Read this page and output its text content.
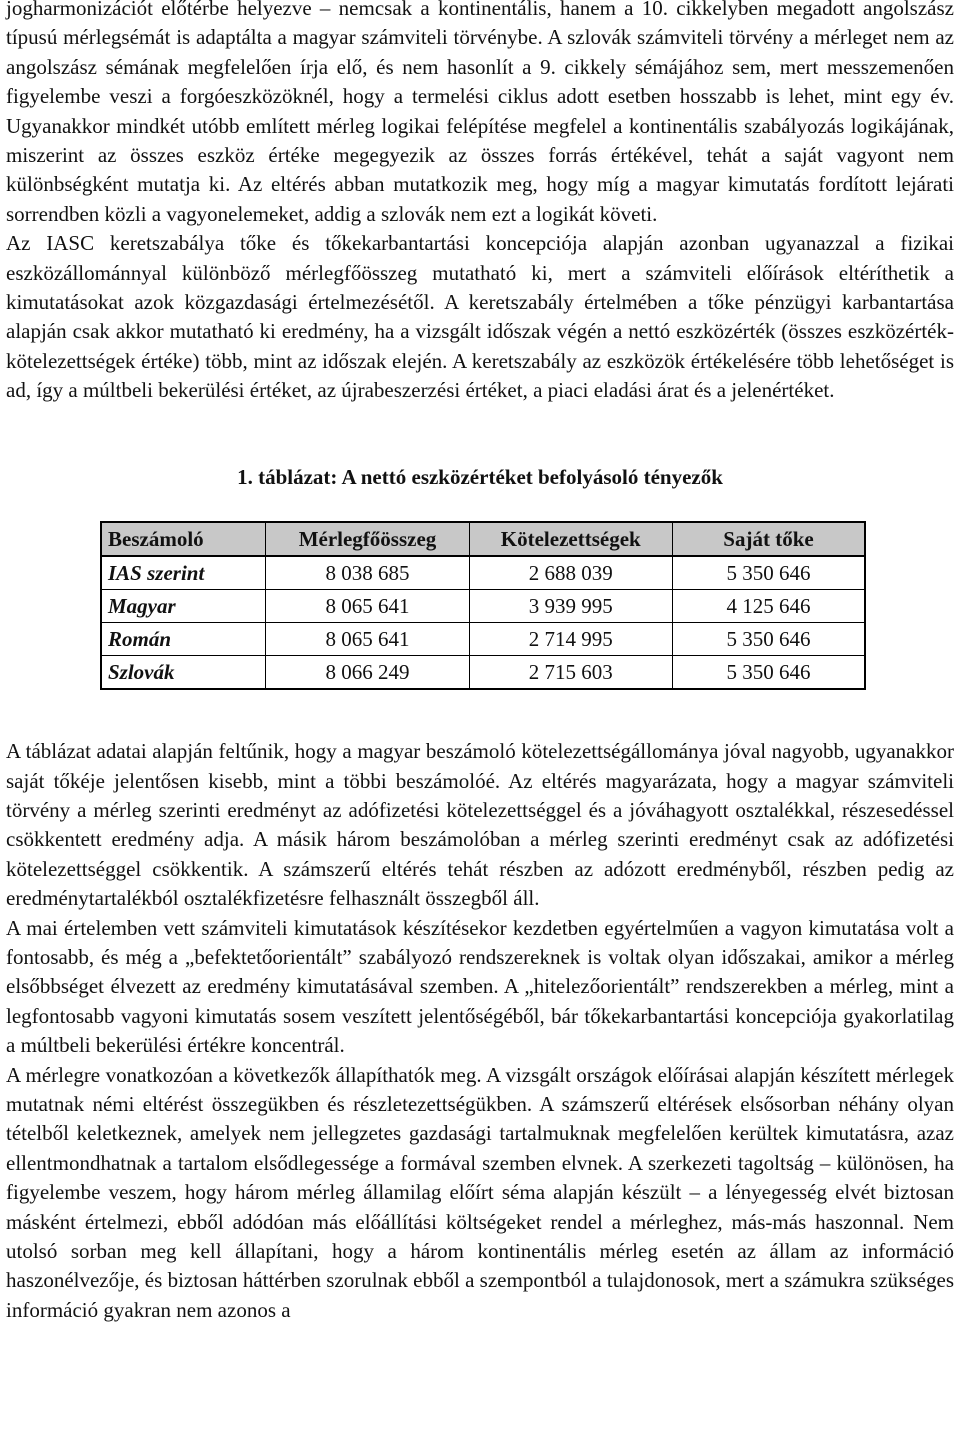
jogharmonizációt előtérbe helyezve – nemcsak a kontinentális, hanem a 10. cikkelyben megadott angolszász típusú mérlegsémát is adaptálta a magyar számviteli törvénybe. A szlovák számviteli törvény a mérleget nem az angolszász sémának megfelelően írja elő, és nem hasonlít a 9. cikkely sémájához sem, mert messzemenően figyelembe veszi a forgóeszközöknél, hogy a termelési ciklus adott esetben hosszabb is lehet, mint egy év. Ugyanakkor mindkét utóbb említett mérleg logikai felépítése megfelel a kontinentális szabályozás logikájának, miszerint az összes eszköz értéke megegyezik az összes forrás értékével, tehát a saját vagyont nem különbségként mutatja ki. Az eltérés abban mutatkozik meg, hogy míg a magyar kimutatás fordított lejárati sorrendben közli a vagyonelemeket, addig a szlovák nem ezt a logikát követi.

Az IASC keretszabálya tőke és tőkekarbantartási koncepciója alapján azonban ugyanazzal a fizikai eszközállománnyal különböző mérlegfőösszeg mutatható ki, mert a számviteli előírások eltéríthetik a kimutatásokat azok közgazdasági értelmezésétől. A keretszabály értelmében a tőke pénzügyi karbantartása alapján csak akkor mutatható ki eredmény, ha a vizsgált időszak végén a nettó eszközérték (összes eszközérték-kötelezettségek értéke) több, mint az időszak elején. A keretszabály az eszközök értékelésére több lehetőséget is ad, így a múltbeli bekerülési értéket, az újrabeszerzési értéket, a piaci eladási árat és a jelenértéket.

1. táblázat: A nettó eszközértéket befolyásoló tényezők
Beszámoló	Mérlegfőösszeg	Kötelezettségek	Saját tőke
IAS szerint	8 038 685	2 688 039	5 350 646
Magyar	8 065 641	3 939 995	4 125 646
Román	8 065 641	2 714 995	5 350 646
Szlovák	8 066 249	2 715 603	5 350 646

A táblázat adatai alapján feltűnik, hogy a magyar beszámoló kötelezettségállománya jóval nagyobb, ugyanakkor saját tőkéje jelentősen kisebb, mint a többi beszámolóé. Az eltérés magyarázata, hogy a magyar számviteli törvény a mérleg szerinti eredményt az adófizetési kötelezettséggel és a jóváhagyott osztalékkal, részesedéssel csökkentett eredmény adja. A másik három beszámolóban a mérleg szerinti eredményt csak az adófizetési kötelezettséggel csökkentik. A számszerű eltérés tehát részben az adózott eredményből, részben pedig az eredménytartalékból osztalékfizetésre felhasznált összegből áll.

A mai értelemben vett számviteli kimutatások készítésekor kezdetben egyértelműen a vagyon kimutatása volt a fontosabb, és még a „befektetőorientált” szabályozó rendszereknek is voltak olyan időszakai, amikor a mérleg elsőbbséget élvezett az eredmény kimutatásával szemben. A „hitelezőorientált” rendszerekben a mérleg, mint a legfontosabb vagyoni kimutatás sosem veszített jelentőségéből, bár tőkekarbantartási koncepciója gyakorlatilag a múltbeli bekerülési értékre koncentrál.

A mérlegre vonatkozóan a következők állapíthatók meg. A vizsgált országok előírásai alapján készített mérlegek mutatnak némi eltérést összegükben és részletezettségükben. A számszerű eltérések elsősorban néhány olyan tételből keletkeznek, amelyek nem jellegzetes gazdasági tartalmuknak megfelelően kerültek kimutatásra, azaz ellentmondhatnak a tartalom elsődlegessége a formával szemben elvnek. A szerkezeti tagoltság – különösen, ha figyelembe veszem, hogy három mérleg államilag előírt séma alapján készült – a lényegesség elvét biztosan másként értelmezi, ebből adódóan más előállítási költségeket rendel a mérleghez, más-más haszonnal. Nem utolsó sorban meg kell állapítani, hogy a három kontinentális mérleg esetén az állam az információ haszonélvezője, és biztosan háttérben szorulnak ebből a szempontból a tulajdonosok, mert a számukra szükséges információ gyakran nem azonos a
